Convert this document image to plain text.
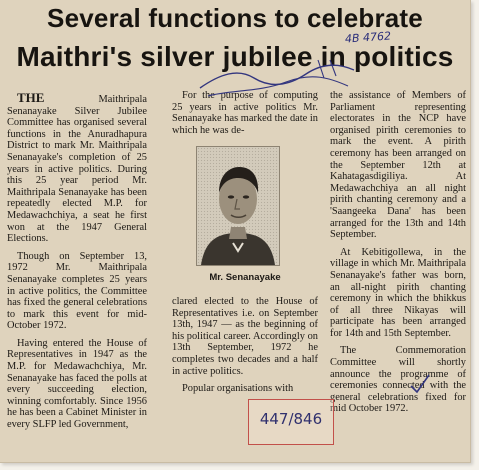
Several functions to celebrate
Maithri's silver jubilee in politics

THE	Maithripala Senanayake Silver Jubilee Committee has organised several functions in the Anuradhapura District to mark Mr. Maithripala Senanayake's completion of 25 years in active politics. During this 25 year period Mr. Maithripala Senanayake has been repeatedly elected M.P. for Medawachchiya, a seat he first won at the 1947 General Elections.

Though on September 13, 1972 Mr. Maithripala Senanayake completes 25 years in active politics, the Committee has fixed the general celebrations to mark this event for mid-October 1972.

Having entered the House of Representatives in 1947 as the M.P. for Medawachchiya, Mr. Senanayake has faced the polls at every succeeding election, winning comfortably. Since 1956 he has been a Cabinet Minister in every SLFP led Government,

For the purpose of computing 25 years in active politics Mr. Senanayake has marked the date in which he was de-

Mr. Senanayake

clared elected to the House of Representatives i.e. on September 13th, 1947 — as the beginning of his political career. Accordingly on 13th September, 1972 he completes two decades and a half in active politics.

Popular organisations with

the assistance of Members of Parliament representing electorates in the NCP have organised pirith ceremonies to mark the event. A pirith ceremony has been arranged on the September 12th at Kahatagasdigiliya. At Medawachchiya an all night pirith chanting ceremony and a 'Saangeeka Dana' has been arranged for the 13th and 14th September.

At Kebitigollewa, in the village in which Mr. Maithripala Senanayake's father was born, an all-night pirith chanting ceremony in which the bhikkus of all three Nikayas will participate has been arranged for 14th and 15th September.

The Commemoration Committee will shortly announce the programme of ceremonies connected with the general celebrations fixed for mid October 1972.

4B 4762
447/846
